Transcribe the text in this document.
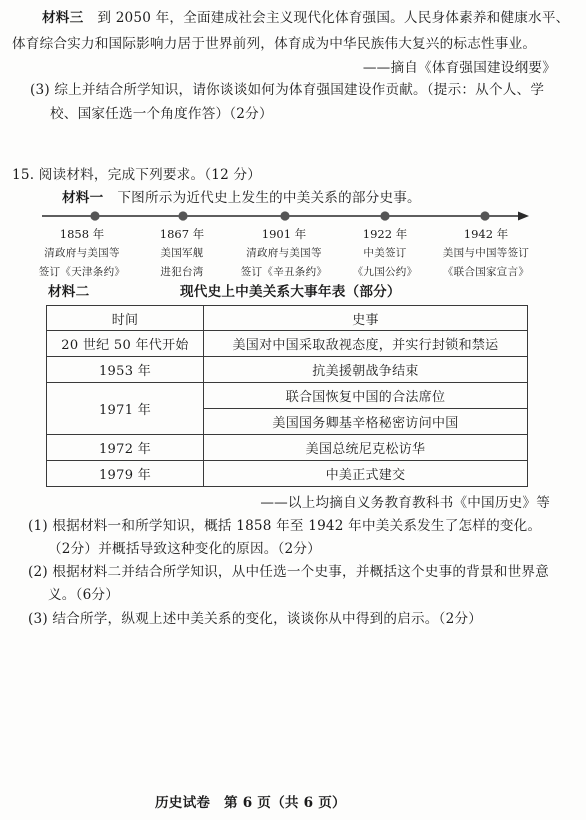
材料三 到 2050 年，全面建成社会主义现代化体育强国。人民身体素养和健康水平、
体育综合实力和国际影响力居于世界前列，体育成为中华民族伟大复兴的标志性事业。
——摘自《体育强国建设纲要》
(3) 综上并结合所学知识，请你谈谈如何为体育强国建设作贡献。（提示：从个人、学
校、国家任选一个角度作答）（2分）
15. 阅读材料，完成下列要求。（12 分）
材料一 下图所示为近代史上发生的中美关系的部分史事。
1858 年
清政府与美国等
签订《天津条约》
1867 年
美国军舰
进犯台湾
1901 年
清政府与美国等
签订《辛丑条约》
1922 年
中美签订
《九国公约》
1942 年
美国与中国等签订
《联合国家宣言》
材料二	现代史上中美关系大事年表（部分）
时间	史事
20 世纪 50 年代开始	美国对中国采取敌视态度，并实行封锁和禁运
1953 年	抗美援朝战争结束
1971 年	联合国恢复中国的合法席位
	美国国务卿基辛格秘密访问中国
1972 年	美国总统尼克松访华
1979 年	中美正式建交
——以上均摘自义务教育教科书《中国历史》等
(1) 根据材料一和所学知识，概括 1858 年至 1942 年中美关系发生了怎样的变化。
（2分）并概括导致这种变化的原因。（2分）
(2) 根据材料二并结合所学知识，从中任选一个史事，并概括这个史事的背景和世界意
义。（6分）
(3) 结合所学，纵观上述中美关系的变化，谈谈你从中得到的启示。（2分）
历史试卷　第 6 页（共 6 页）
